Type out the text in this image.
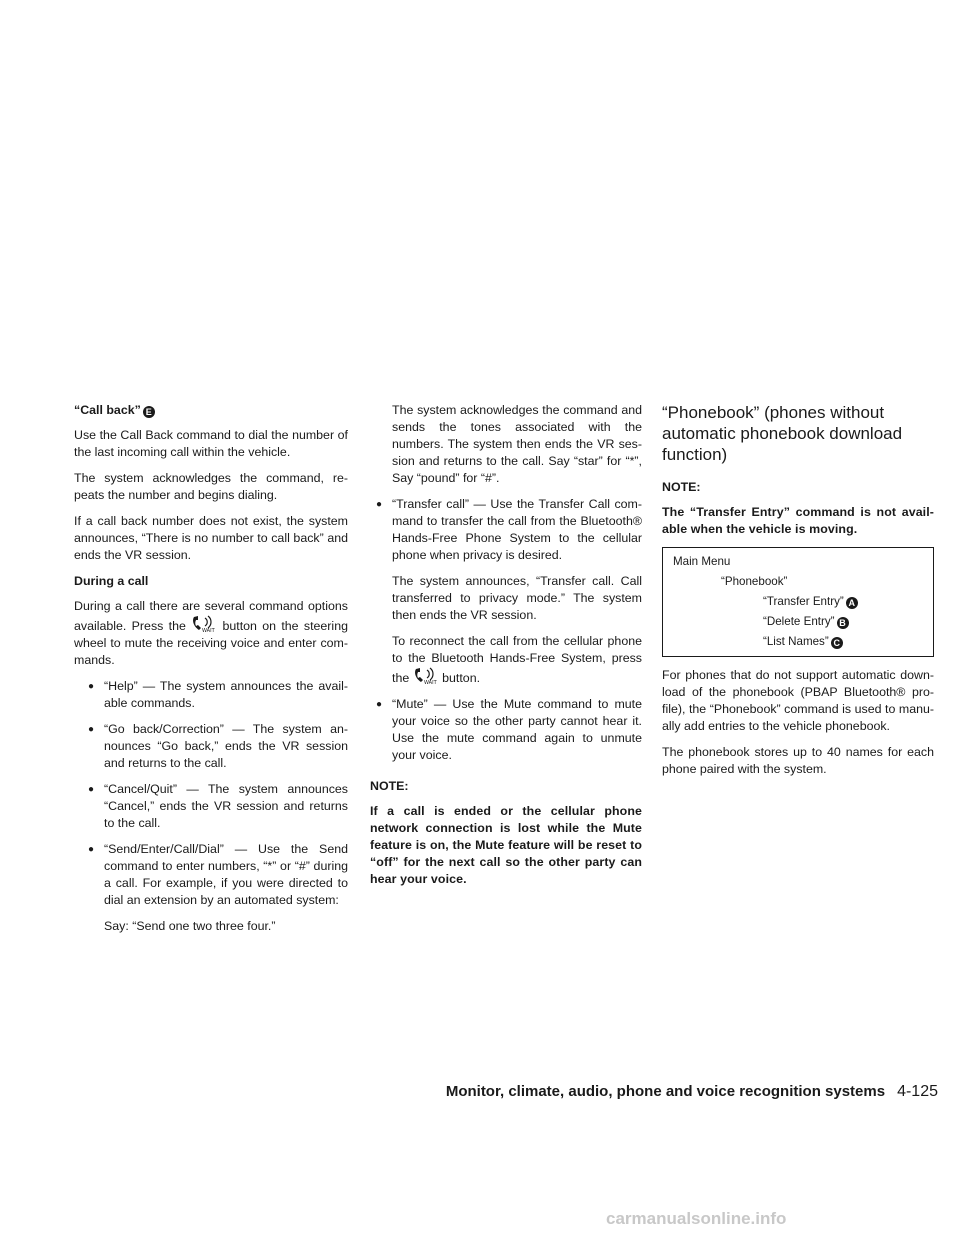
“Call back” E

Use the Call Back command to dial the number of the last incoming call within the vehicle.

The system acknowledges the command, re-peats the number and begins dialing.

If a call back number does not exist, the system announces, “There is no number to call back” and ends the VR session.

During a call

During a call there are several command options available. Press the	WAIT button on the steering wheel to mute the receiving voice and enter com-mands.

● “Help” — The system announces the avail-able commands.
● “Go back/Correction” — The system an-nounces “Go back,” ends the VR session and returns to the call.
● “Cancel/Quit” — The system announces “Cancel,” ends the VR session and returns to the call.
● “Send/Enter/Call/Dial” — Use the Send command to enter numbers, “*” or “#” during a call. For example, if you were directed to dial an extension by an automated system:
Say: “Send one two three four.”
The system acknowledges the command and sends the tones associated with the numbers. The system then ends the VR ses-sion and returns to the call. Say “star” for “*”, Say “pound” for “#”.
● “Transfer call” — Use the Transfer Call com-mand to transfer the call from the Bluetooth® Hands-Free Phone System to the cellular phone when privacy is desired.
The system announces, “Transfer call. Call transferred to privacy mode.” The system then ends the VR session.
To reconnect the call from the cellular phone to the Bluetooth Hands-Free System, press the	WAIT button.
● “Mute” — Use the Mute command to mute your voice so the other party cannot hear it. Use the mute command again to unmute your voice.
NOTE:
If a call is ended or the cellular phone network connection is lost while the Mute feature is on, the Mute feature will be reset to “off” for the next call so the other party can hear your voice.
“Phonebook” (phones without automatic phonebook download function)
NOTE:
The “Transfer Entry” command is not avail-able when the vehicle is moving.
Main Menu
“Phonebook”
“Transfer Entry” A
“Delete Entry” B
“List Names” C

For phones that do not support automatic down-load of the phonebook (PBAP Bluetooth® pro-file), the “Phonebook” command is used to manu-ally add entries to the vehicle phonebook.

The phonebook stores up to 40 names for each phone paired with the system.

Monitor, climate, audio, phone and voice recognition systems 4-125
carmanualsonline.info
